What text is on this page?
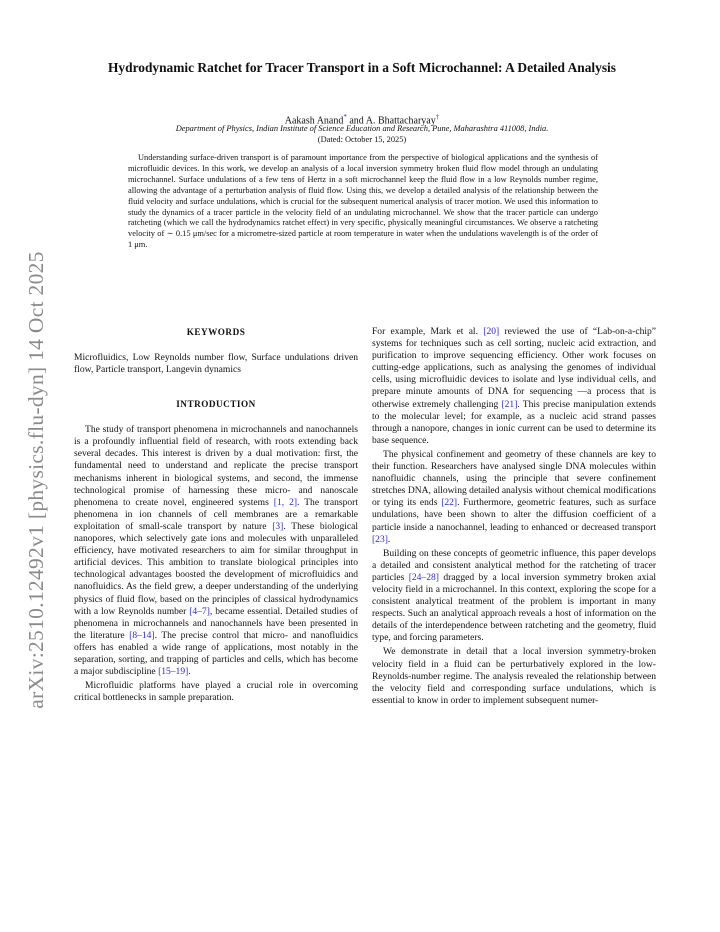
arXiv:2510.12492v1 [physics.flu-dyn] 14 Oct 2025
Hydrodynamic Ratchet for Tracer Transport in a Soft Microchannel: A Detailed Analysis
Aakash Anand* and A. Bhattacharyay†
Department of Physics, Indian Institute of Science Education and Research, Pune, Maharashtra 411008, India.
(Dated: October 15, 2025)

Understanding surface-driven transport is of paramount importance from the perspective of biological applications and the synthesis of microfluidic devices. In this work, we develop an analysis of a local inversion symmetry broken fluid flow model through an undulating microchannel. Surface undulations of a few tens of Hertz in a soft microchannel keep the fluid flow in a low Reynolds number regime, allowing the advantage of a perturbation analysis of fluid flow. Using this, we develop a detailed analysis of the relationship between the fluid velocity and surface undulations, which is crucial for the subsequent numerical analysis of tracer motion. We used this information to study the dynamics of a tracer particle in the velocity field of an undulating microchannel. We show that the tracer particle can undergo ratcheting (which we call the hydrodynamics ratchet effect) in very specific, physically meaningful circumstances. We observe a ratcheting velocity of ∼ 0.15 μm/sec for a micrometre-sized particle at room temperature in water when the undulations wavelength is of the order of 1 μm.

KEYWORDS

Microfluidics, Low Reynolds number flow, Surface undulations driven flow, Particle transport, Langevin dynamics

INTRODUCTION

The study of transport phenomena in microchannels and nanochannels is a profoundly influential field of research, with roots extending back several decades. This interest is driven by a dual motivation: first, the fundamental need to understand and replicate the precise transport mechanisms inherent in biological systems, and second, the immense technological promise of harnessing these micro- and nanoscale phenomena to create novel, engineered systems [1, 2]. The transport phenomena in ion channels of cell membranes are a remarkable exploitation of small-scale transport by nature [3]. These biological nanopores, which selectively gate ions and molecules with unparalleled efficiency, have motivated researchers to aim for similar throughput in artificial devices. This ambition to translate biological principles into technological advantages boosted the development of microfluidics and nanofluidics. As the field grew, a deeper understanding of the underlying physics of fluid flow, based on the principles of classical hydrodynamics with a low Reynolds number [4–7], became essential. Detailed studies of phenomena in microchannels and nanochannels have been presented in the literature [8–14]. The precise control that micro- and nanofluidics offers has enabled a wide range of applications, most notably in the separation, sorting, and trapping of particles and cells, which has become a major subdiscipline [15–19].

Microfluidic platforms have played a crucial role in overcoming critical bottlenecks in sample preparation.

For example, Mark et al. [20] reviewed the use of “Lab-on-a-chip” systems for techniques such as cell sorting, nucleic acid extraction, and purification to improve sequencing efficiency. Other work focuses on cutting-edge applications, such as analysing the genomes of individual cells, using microfluidic devices to isolate and lyse individual cells, and prepare minute amounts of DNA for sequencing —a process that is otherwise extremely challenging [21]. This precise manipulation extends to the molecular level; for example, as a nucleic acid strand passes through a nanopore, changes in ionic current can be used to determine its base sequence.

The physical confinement and geometry of these channels are key to their function. Researchers have analysed single DNA molecules within nanofluidic channels, using the principle that severe confinement stretches DNA, allowing detailed analysis without chemical modifications or tying its ends [22]. Furthermore, geometric features, such as surface undulations, have been shown to alter the diffusion coefficient of a particle inside a nanochannel, leading to enhanced or decreased transport [23].

Building on these concepts of geometric influence, this paper develops a detailed and consistent analytical method for the ratcheting of tracer particles [24–28] dragged by a local inversion symmetry broken axial velocity field in a microchannel. In this context, exploring the scope for a consistent analytical treatment of the problem is important in many respects. Such an analytical approach reveals a host of information on the details of the interdependence between ratcheting and the geometry, fluid type, and forcing parameters.

We demonstrate in detail that a local inversion symmetry-broken velocity field in a fluid can be perturbatively explored in the low-Reynolds-number regime. The analysis revealed the relationship between the velocity field and corresponding surface undulations, which is essential to know in order to implement subsequent numer-
